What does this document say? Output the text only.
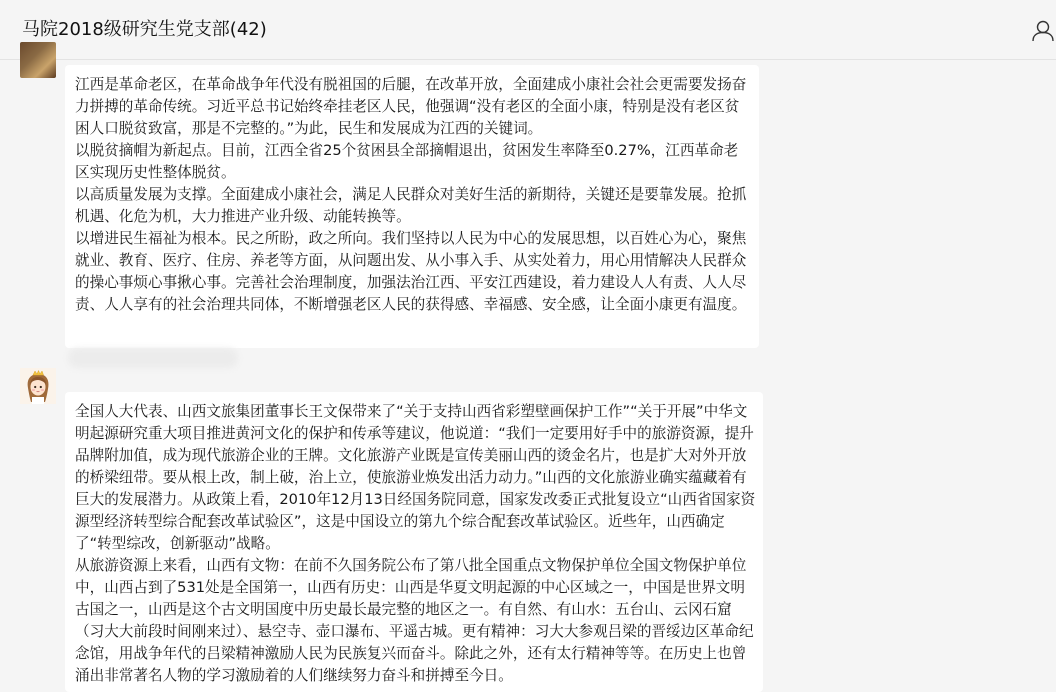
马院2018级研究生党支部(42)

江西是革命老区，在革命战争年代没有脱祖国的后腿，在改革开放，全面建成小康社会社会更需要发扬奋力拼搏的革命传统。习近平总书记始终牵挂老区人民，他强调“没有老区的全面小康，特别是没有老区贫困人口脱贫致富，那是不完整的。”为此，民生和发展成为江西的关键词。

以脱贫摘帽为新起点。目前，江西全省25个贫困县全部摘帽退出，贫困发生率降至0.27%，江西革命老区实现历史性整体脱贫。

以高质量发展为支撑。全面建成小康社会，满足人民群众对美好生活的新期待，关键还是要靠发展。抢抓机遇、化危为机，大力推进产业升级、动能转换等。

以增进民生福祉为根本。民之所盼，政之所向。我们坚持以人民为中心的发展思想，以百姓心为心，聚焦就业、教育、医疗、住房、养老等方面，从问题出发、从小事入手、从实处着力，用心用情解决人民群众的操心事烦心事揪心事。完善社会治理制度，加强法治江西、平安江西建设，着力建设人人有责、人人尽责、人人享有的社会治理共同体，不断增强老区人民的获得感、幸福感、安全感，让全面小康更有温度。

全国人大代表、山西文旅集团董事长王文保带来了“关于支持山西省彩塑壁画保护工作”“关于开展”中华文明起源研究重大项目推进黄河文化的保护和传承等建议，他说道：“我们一定要用好手中的旅游资源，提升品牌附加值，成为现代旅游企业的王牌。文化旅游产业既是宣传美丽山西的烫金名片，也是扩大对外开放的桥梁纽带。要从根上改，制上破，治上立，使旅游业焕发出活力动力。”山西的文化旅游业确实蕴藏着有巨大的发展潜力。从政策上看，2010年12月13日经国务院同意，国家发改委正式批复设立“山西省国家资源型经济转型综合配套改革试验区”，这是中国设立的第九个综合配套改革试验区。近些年，山西确定了“转型综改，创新驱动”战略。

从旅游资源上来看，山西有文物：在前不久国务院公布了第八批全国重点文物保护单位全国文物保护单位中，山西占到了531处是全国第一，山西有历史：山西是华夏文明起源的中心区域之一，中国是世界文明古国之一，山西是这个古文明国度中历史最长最完整的地区之一。有自然、有山水：五台山、云冈石窟（习大大前段时间刚来过）、悬空寺、壶口瀑布、平遥古城。更有精神：习大大参观吕梁的晋绥边区革命纪念馆，用战争年代的吕梁精神激励人民为民族复兴而奋斗。除此之外，还有太行精神等等。在历史上也曾涌出非常著名人物的学习激励着的人们继续努力奋斗和拼搏至今日。
